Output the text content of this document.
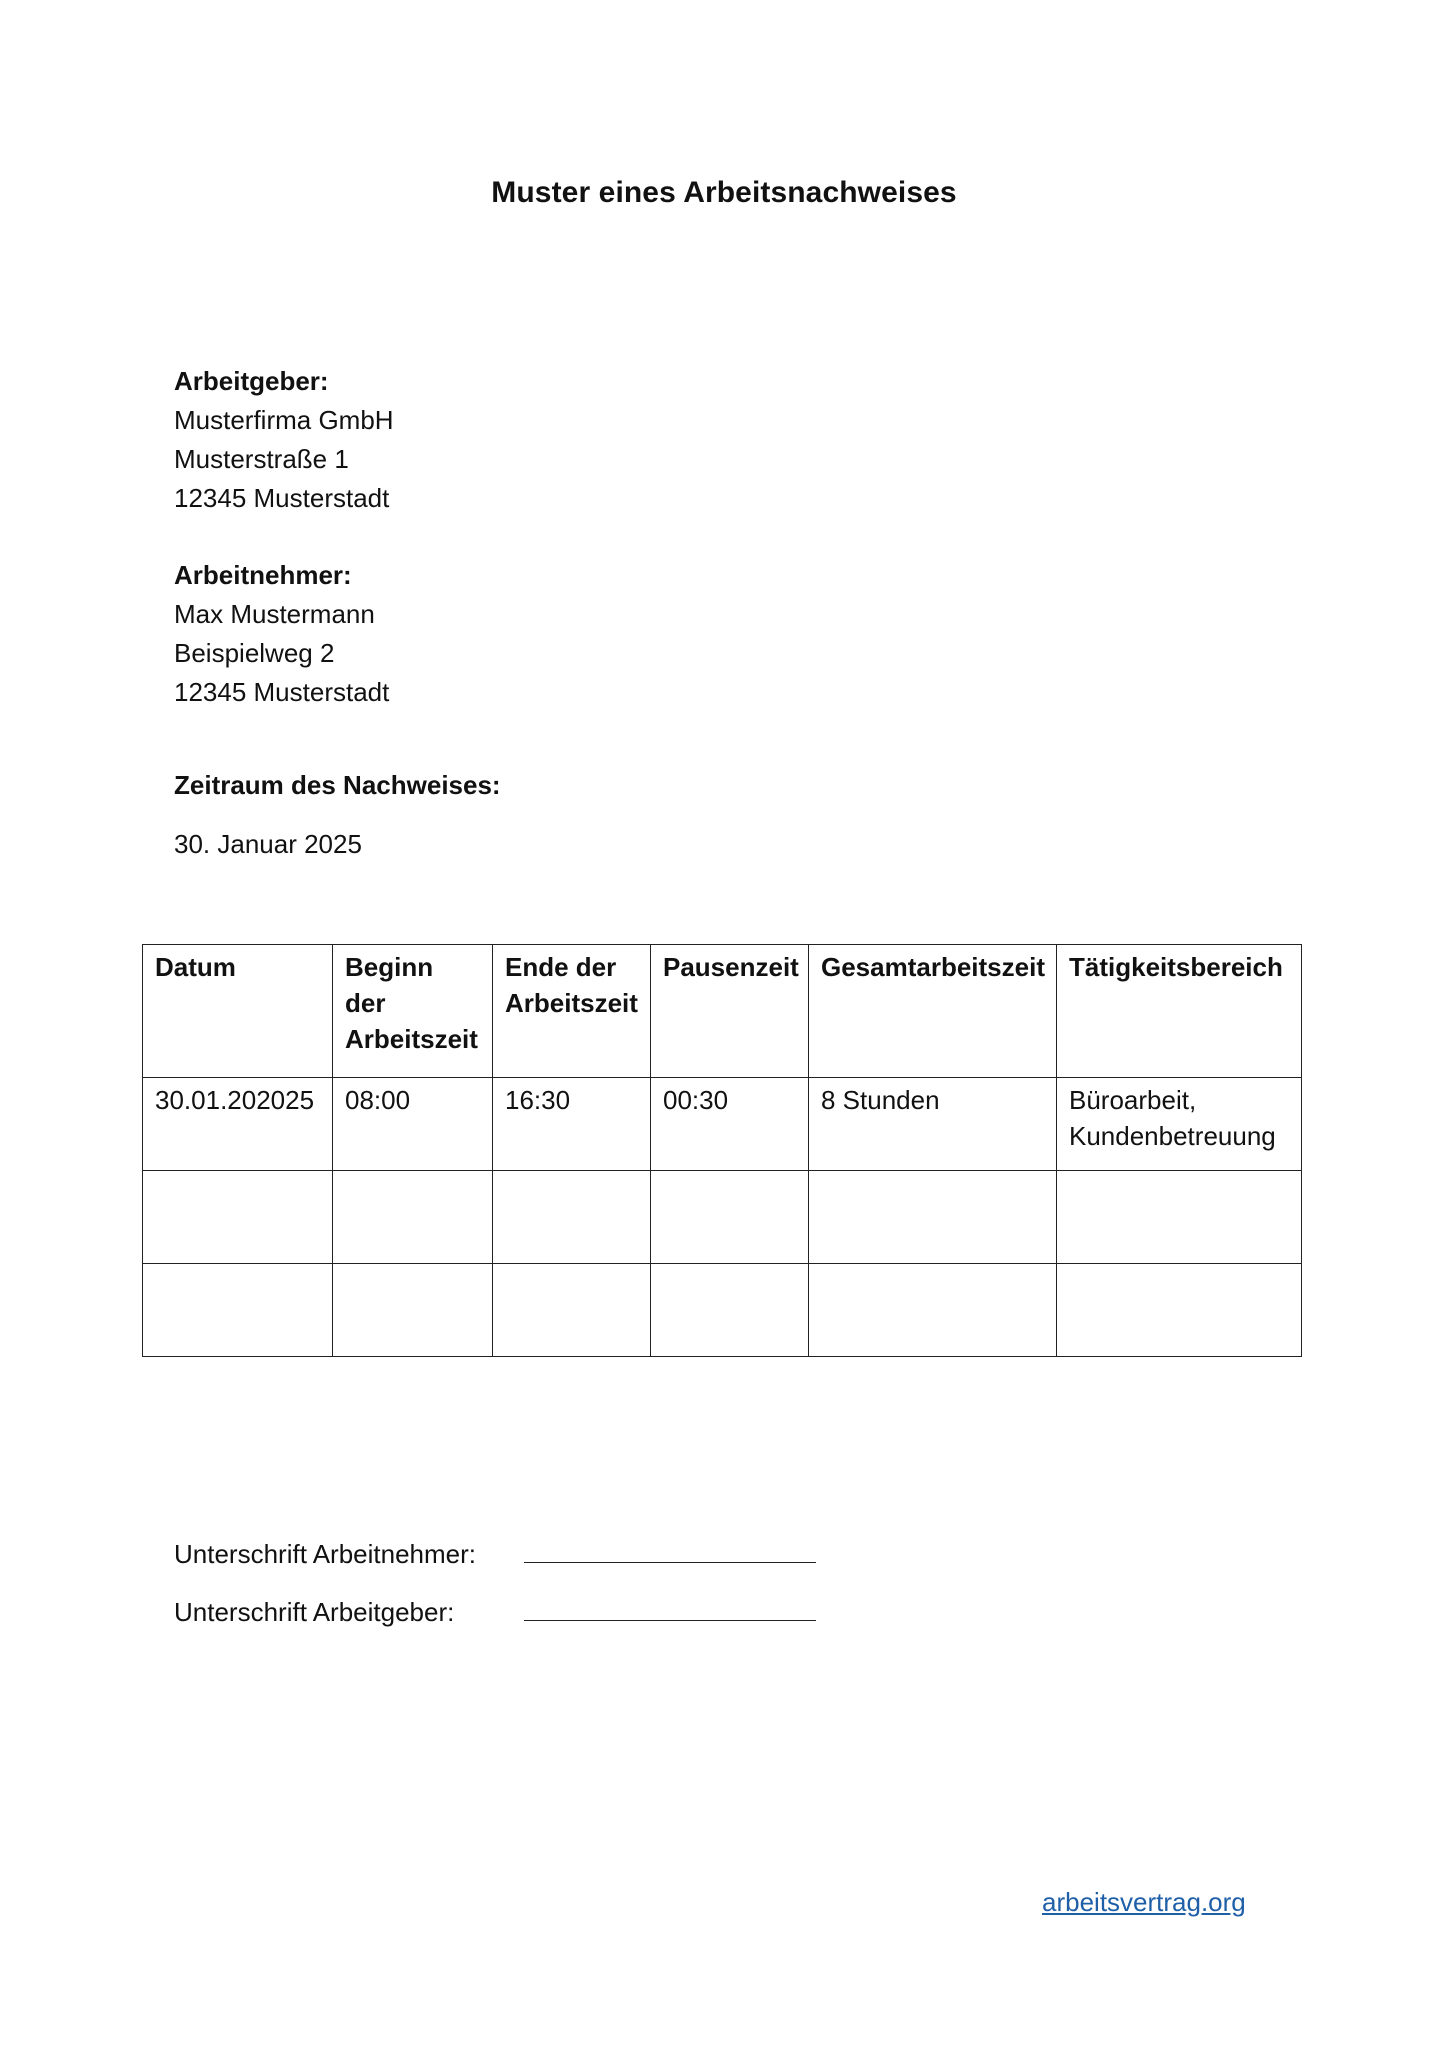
Muster eines Arbeitsnachweises
Arbeitgeber:
Musterfirma GmbH
Musterstraße 1
12345 Musterstadt
Arbeitnehmer:
Max Mustermann
Beispielweg 2
12345 Musterstadt
Zeitraum des Nachweises:
30. Januar 2025
Datum	Beginn der Arbeitszeit	Ende der Arbeitszeit	Pausenzeit	Gesamtarbeitszeit	Tätigkeitsbereich
30.01.202025	08:00	16:30	00:30	8 Stunden	Büroarbeit, Kundenbetreuung

Unterschrift Arbeitnehmer:
Unterschrift Arbeitgeber:
arbeitsvertrag.org
